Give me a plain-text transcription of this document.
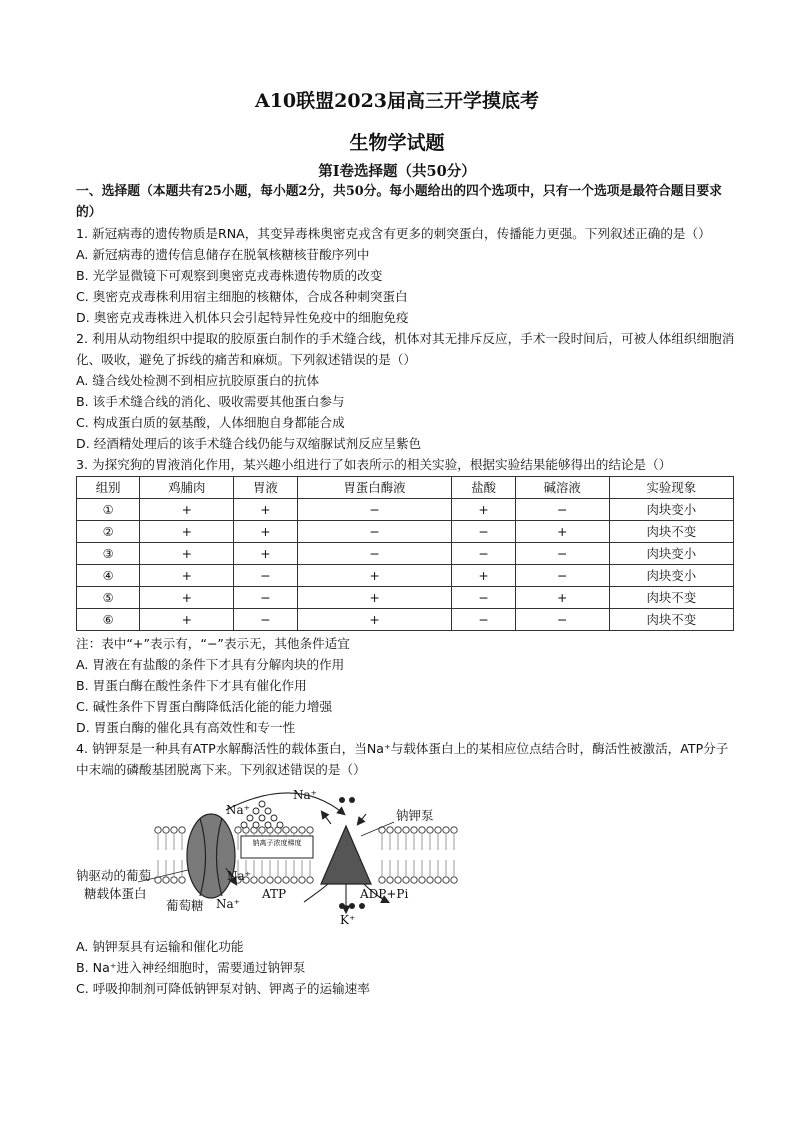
A10联盟2023届高三开学摸底考
生物学试题
第Ⅰ卷选择题（共50分）

一、选择题（本题共有25小题，每小题2分，共50分。每小题给出的四个选项中，只有一个选项是最符合题目要求的）

1. 新冠病毒的遗传物质是RNA，其变异毒株奥密克戎含有更多的刺突蛋白，传播能力更强。下列叙述正确的是（）

A. 新冠病毒的遗传信息储存在脱氧核糖核苷酸序列中

B. 光学显微镜下可观察到奥密克戎毒株遗传物质的改变

C. 奥密克戎毒株利用宿主细胞的核糖体，合成各种刺突蛋白

D. 奥密克戎毒株进入机体只会引起特异性免疫中的细胞免疫

2. 利用从动物组织中提取的胶原蛋白制作的手术缝合线，机体对其无排斥反应，手术一段时间后，可被人体组织细胞消化、吸收，避免了拆线的痛苦和麻烦。下列叙述错误的是（）

A. 缝合线处检测不到相应抗胶原蛋白的抗体

B. 该手术缝合线的消化、吸收需要其他蛋白参与

C. 构成蛋白质的氨基酸，人体细胞自身都能合成

D. 经酒精处理后的该手术缝合线仍能与双缩脲试剂反应呈紫色

3. 为探究狗的胃液消化作用，某兴趣小组进行了如表所示的相关实验，根据实验结果能够得出的结论是（）

组别	鸡脯肉	胃液	胃蛋白酶液	盐酸	碱溶液	实验现象
①	+	+	−	+	−	肉块变小
②	+	+	−	−	+	肉块不变
③	+	+	−	−	−	肉块变小
④	+	−	+	+	−	肉块变小
⑤	+	−	+	−	+	肉块不变
⑥	+	−	+	−	−	肉块不变

注：表中“+”表示有，“−”表示无，其他条件适宜

A. 胃液在有盐酸的条件下才具有分解肉块的作用

B. 胃蛋白酶在酸性条件下才具有催化作用

C. 碱性条件下胃蛋白酶降低活化能的能力增强

D. 胃蛋白酶的催化具有高效性和专一性

4. 钠钾泵是一种具有ATP水解酶活性的载体蛋白，当Na⁺与载体蛋白上的某相应位点结合时，酶活性被激活，ATP分子中末端的磷酸基团脱离下来。下列叙述错误的是（）

钠离子浓度梯度
Na⁺
Na⁺
钠钾泵
Na⁺
Na⁺
钠驱动的葡萄
糖载体蛋白
葡萄糖
ATP	ADP+Pi
K⁺

A. 钠钾泵具有运输和催化功能

B. Na⁺进入神经细胞时，需要通过钠钾泵

C. 呼吸抑制剂可降低钠钾泵对钠、钾离子的运输速率
